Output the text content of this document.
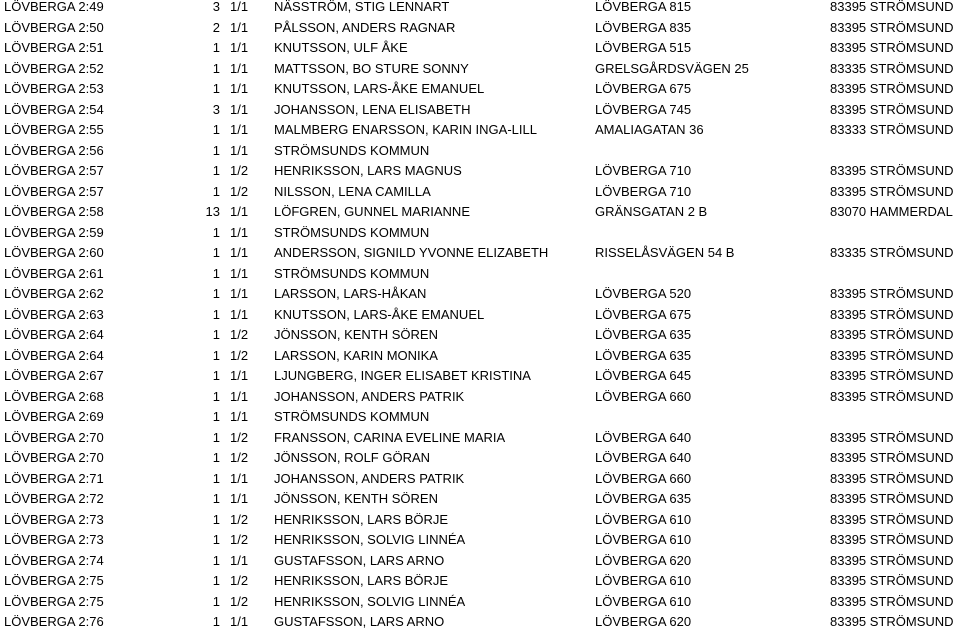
LÖVBERGA 2:49	3 1/1	NÄSSTRÖM, STIG LENNART	LÖVBERGA 815	83395 STRÖMSUND
LÖVBERGA 2:50	2 1/1	PÅLSSON, ANDERS RAGNAR	LÖVBERGA 835	83395 STRÖMSUND
LÖVBERGA 2:51	1 1/1	KNUTSSON, ULF ÅKE	LÖVBERGA 515	83395 STRÖMSUND
LÖVBERGA 2:52	1 1/1	MATTSSON, BO STURE SONNY	GRELSGÅRDSVÄGEN 25	83335 STRÖMSUND
LÖVBERGA 2:53	1 1/1	KNUTSSON, LARS-ÅKE EMANUEL	LÖVBERGA 675	83395 STRÖMSUND
LÖVBERGA 2:54	3 1/1	JOHANSSON, LENA ELISABETH	LÖVBERGA 745	83395 STRÖMSUND
LÖVBERGA 2:55	1 1/1	MALMBERG ENARSSON, KARIN INGA-LILL	AMALIAGATAN 36	83333 STRÖMSUND
LÖVBERGA 2:56	1 1/1	STRÖMSUNDS KOMMUN
LÖVBERGA 2:57	1 1/2	HENRIKSSON, LARS MAGNUS	LÖVBERGA 710	83395 STRÖMSUND
LÖVBERGA 2:57	1 1/2	NILSSON, LENA CAMILLA	LÖVBERGA 710	83395 STRÖMSUND
LÖVBERGA 2:58	13 1/1	LÖFGREN, GUNNEL MARIANNE	GRÄNSGATAN 2 B	83070 HAMMERDAL
LÖVBERGA 2:59	1 1/1	STRÖMSUNDS KOMMUN
LÖVBERGA 2:60	1 1/1	ANDERSSON, SIGNILD YVONNE ELIZABETH	RISSELÅSVÄGEN 54 B	83335 STRÖMSUND
LÖVBERGA 2:61	1 1/1	STRÖMSUNDS KOMMUN
LÖVBERGA 2:62	1 1/1	LARSSON, LARS-HÅKAN	LÖVBERGA 520	83395 STRÖMSUND
LÖVBERGA 2:63	1 1/1	KNUTSSON, LARS-ÅKE EMANUEL	LÖVBERGA 675	83395 STRÖMSUND
LÖVBERGA 2:64	1 1/2	JÖNSSON, KENTH SÖREN	LÖVBERGA 635	83395 STRÖMSUND
LÖVBERGA 2:64	1 1/2	LARSSON, KARIN MONIKA	LÖVBERGA 635	83395 STRÖMSUND
LÖVBERGA 2:67	1 1/1	LJUNGBERG, INGER ELISABET KRISTINA	LÖVBERGA 645	83395 STRÖMSUND
LÖVBERGA 2:68	1 1/1	JOHANSSON, ANDERS PATRIK	LÖVBERGA 660	83395 STRÖMSUND
LÖVBERGA 2:69	1 1/1	STRÖMSUNDS KOMMUN
LÖVBERGA 2:70	1 1/2	FRANSSON, CARINA EVELINE MARIA	LÖVBERGA 640	83395 STRÖMSUND
LÖVBERGA 2:70	1 1/2	JÖNSSON, ROLF GÖRAN	LÖVBERGA 640	83395 STRÖMSUND
LÖVBERGA 2:71	1 1/1	JOHANSSON, ANDERS PATRIK	LÖVBERGA 660	83395 STRÖMSUND
LÖVBERGA 2:72	1 1/1	JÖNSSON, KENTH SÖREN	LÖVBERGA 635	83395 STRÖMSUND
LÖVBERGA 2:73	1 1/2	HENRIKSSON, LARS BÖRJE	LÖVBERGA 610	83395 STRÖMSUND
LÖVBERGA 2:73	1 1/2	HENRIKSSON, SOLVIG LINNÉA	LÖVBERGA 610	83395 STRÖMSUND
LÖVBERGA 2:74	1 1/1	GUSTAFSSON, LARS ARNO	LÖVBERGA 620	83395 STRÖMSUND
LÖVBERGA 2:75	1 1/2	HENRIKSSON, LARS BÖRJE	LÖVBERGA 610	83395 STRÖMSUND
LÖVBERGA 2:75	1 1/2	HENRIKSSON, SOLVIG LINNÉA	LÖVBERGA 610	83395 STRÖMSUND
LÖVBERGA 2:76	1 1/1	GUSTAFSSON, LARS ARNO	LÖVBERGA 620	83395 STRÖMSUND
